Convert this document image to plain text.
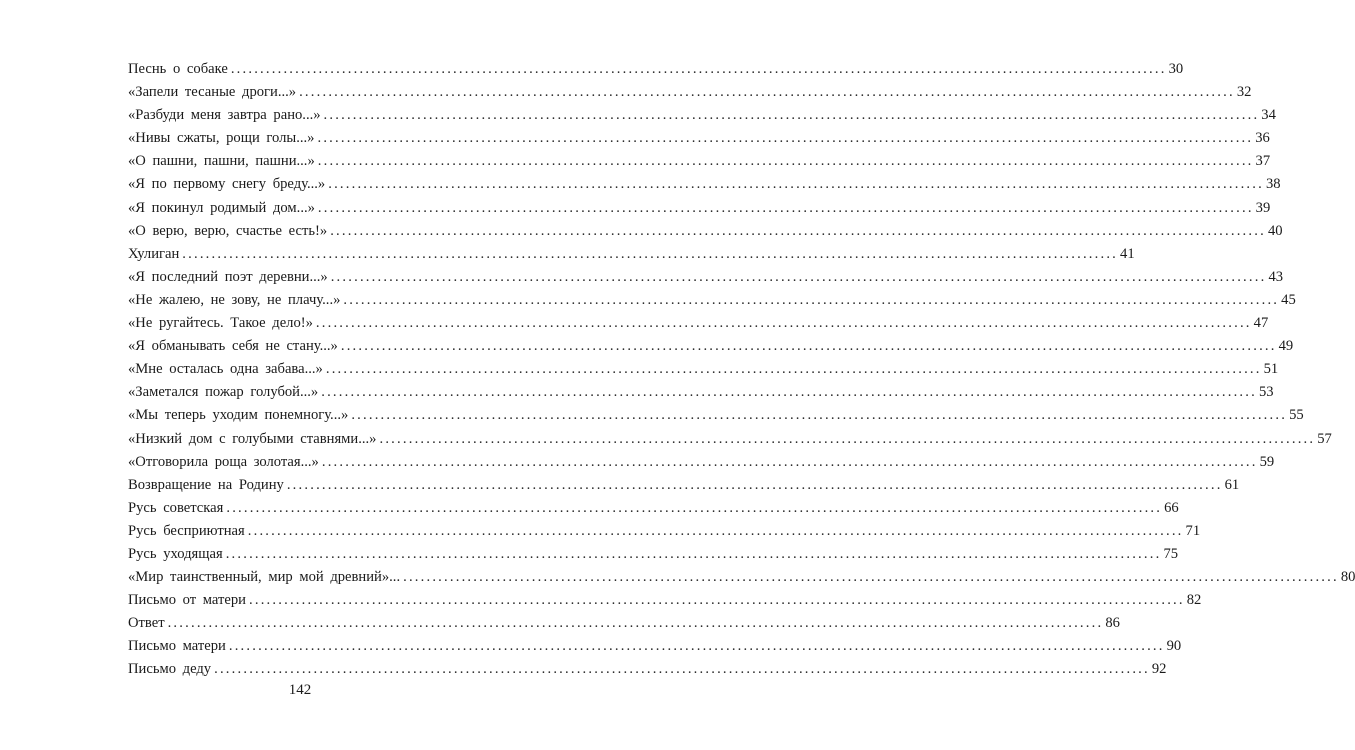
Песнь о собаке ................................................................................................................................................................ 30
«Запели тесаные дроги...» ................................................................................................................................................................ 32
«Разбуди меня завтра рано...» ................................................................................................................................................................ 34
«Нивы сжаты, рощи голы...» ................................................................................................................................................................ 36
«О пашни, пашни, пашни...» ................................................................................................................................................................ 37
«Я по первому снегу бреду...» ................................................................................................................................................................ 38
«Я покинул родимый дом...» ................................................................................................................................................................ 39
«О верю, верю, счастье есть!» ................................................................................................................................................................ 40
Хулиган ................................................................................................................................................................ 41
«Я последний поэт деревни...» ................................................................................................................................................................ 43
«Не жалею, не зову, не плачу...» ................................................................................................................................................................ 45
«Не ругайтесь. Такое дело!» ................................................................................................................................................................ 47
«Я обманывать себя не стану...» ................................................................................................................................................................ 49
«Мне осталась одна забава...» ................................................................................................................................................................ 51
«Заметался пожар голубой...» ................................................................................................................................................................ 53
«Мы теперь уходим понемногу...» ................................................................................................................................................................ 55
«Низкий дом с голубыми ставнями...» ................................................................................................................................................................ 57
«Отговорила роща золотая...» ................................................................................................................................................................ 59
Возвращение на Родину ................................................................................................................................................................ 61
Русь советская ................................................................................................................................................................ 66
Русь бесприютная ................................................................................................................................................................ 71
Русь уходящая ................................................................................................................................................................ 75
«Мир таинственный, мир мой древний»... ................................................................................................................................................................ 80
Письмо от матери ................................................................................................................................................................ 82
Ответ ................................................................................................................................................................ 86
Письмо матери ................................................................................................................................................................ 90
Письмо деду ................................................................................................................................................................ 92
142
